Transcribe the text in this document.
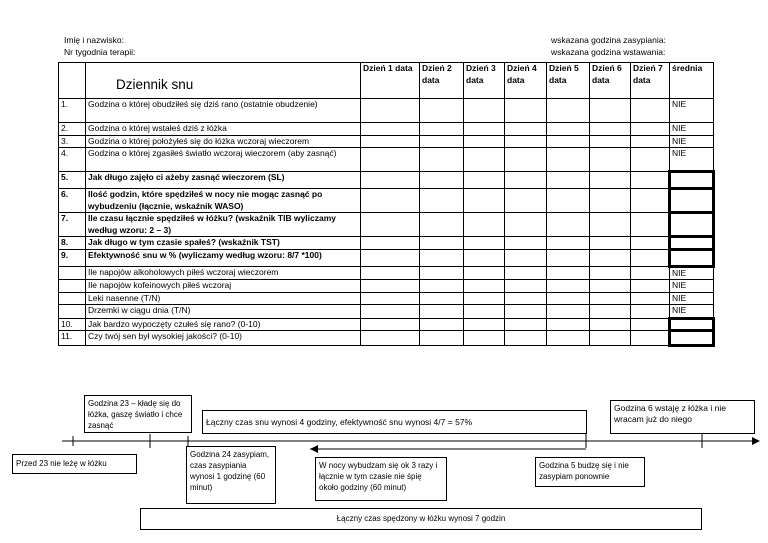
Imię i nazwisko:
Nr tygodnia terapii:
wskazana godzina zasypiania:
wskazana godzina wstawania:

	Dziennik snu	Dzień 1 data	Dzień 2 data	Dzień 3 data	Dzień 4 data	Dzień 5 data	Dzień 6 data	Dzień 7 data	średnia
1.	Godzina o której obudziłeś się dziś rano (ostatnie obudzenie)								NIE
2.	Godzina o której wstałeś dziś z łóżka								NIE
3.	Godzina o której położyłeś się do łóżka wczoraj wieczorem								NIE
4.	Godzina o której zgasiłeś światło wczoraj wieczorem (aby zasnąć)								NIE
5.	Jak długo zajęło ci ażeby zasnąć wieczorem (SL)								
6.	Ilość godzin, które spędziłeś w nocy nie mogąc zasnąć po wybudzeniu (łącznie, wskaźnik WASO)								
7.	Ile czasu łącznie spędziłeś w łóżku? (wskaźnik TIB wyliczamy według wzoru: 2 – 3)								
8.	Jak długo w tym czasie spałeś? (wskaźnik TST)								
9.	Efektywność snu w % (wyliczamy według wzoru: 8/7 *100)								
	Ile napojów alkoholowych piłeś wczoraj wieczorem								NIE
	Ile napojów kofeinowych piłeś wczoraj								NIE
	Leki nasenne (T/N)								NIE
	Drzemki w ciągu dnia (T/N)								NIE
10.	Jak bardzo wypoczęty czułeś się rano? (0-10)								
11.	Czy twój sen był wysokiej jakości? (0-10)								
Godzina 23 – kładę się do łóżka, gaszę światło i chce zasnąć	Łączny czas snu wynosi 4 godziny, efektywność snu wynosi 4/7 = 57%
Godzina 6 wstaję z łóżka i nie wracam już do niego
Przed 23 nie leżę w łóżku
Godzina 24 zasypiam, czas zasypiania wynosi 1 godzinę (60 minut)
W nocy wybudzam się ok 3 razy i łącznie w tym czasie nie śpię około godziny (60 minut)
Godzina 5 budzę się i nie zasypiam ponownie
Łączny czas spędzony w łóżku wynosi 7 godzin
